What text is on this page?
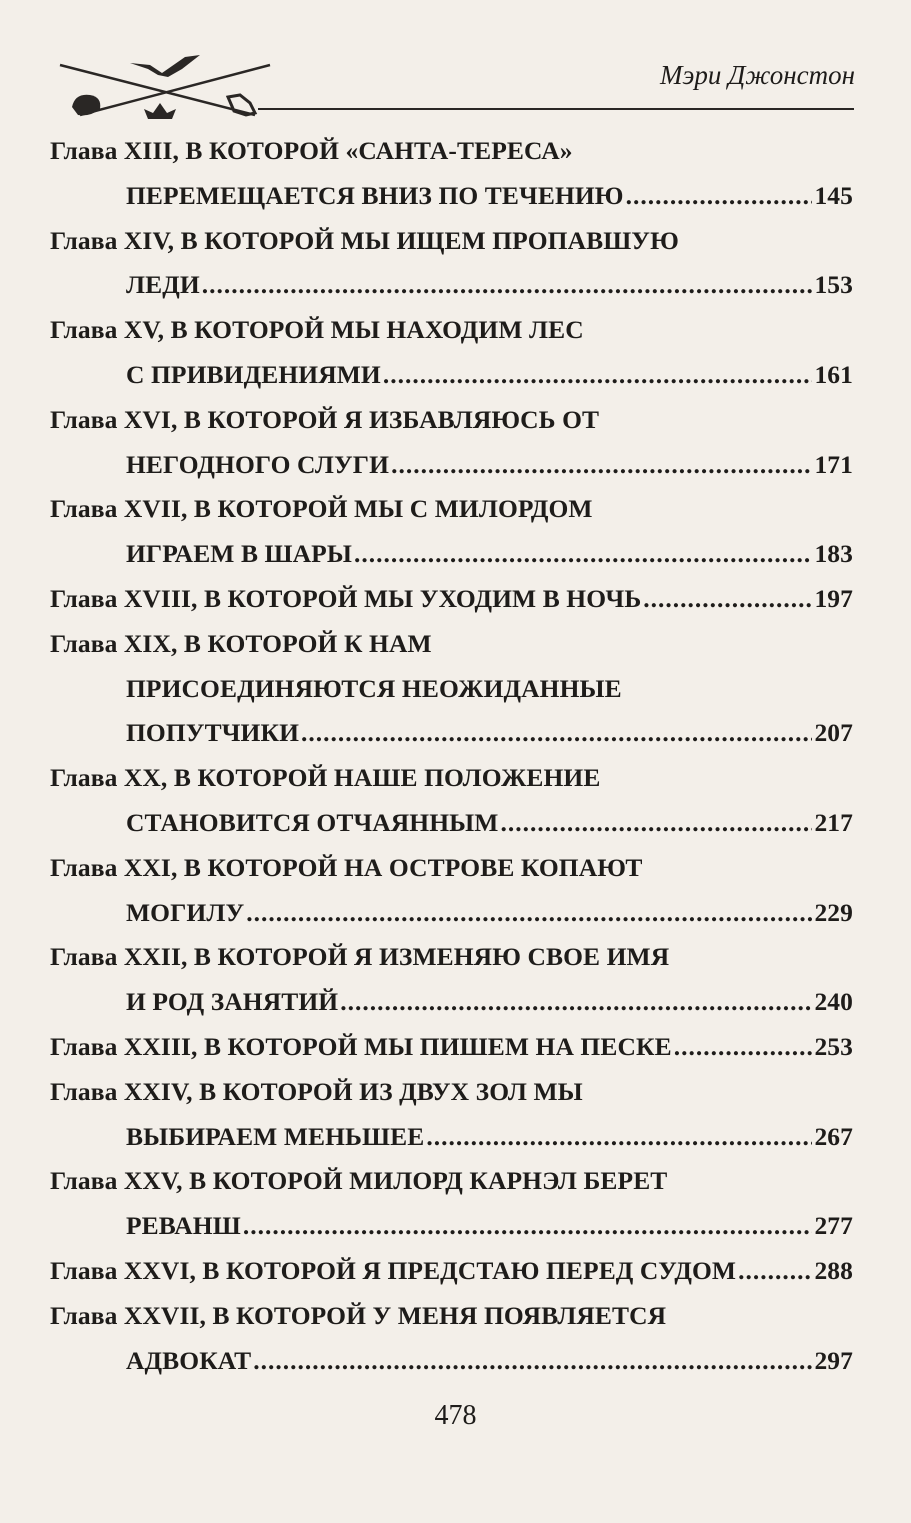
Мэри Джонстон
Глава XIII, В КОТОРОЙ «САНТА-ТЕРЕСА»
ПЕРЕМЕЩАЕТСЯ ВНИЗ ПО ТЕЧЕНИЮ .....	145
Глава XIV, В КОТОРОЙ МЫ ИЩЕМ ПРОПАВШУЮ
ЛЕДИ .....	153
Глава XV, В КОТОРОЙ МЫ НАХОДИМ ЛЕС
С ПРИВИДЕНИЯМИ .....	161
Глава XVI, В КОТОРОЙ Я ИЗБАВЛЯЮСЬ ОТ
НЕГОДНОГО СЛУГИ .....	171
Глава XVII, В КОТОРОЙ МЫ С МИЛОРДОМ
ИГРАЕМ В ШАРЫ .....	183
Глава XVIII, В КОТОРОЙ МЫ УХОДИМ В НОЧЬ .....	197
Глава XIX, В КОТОРОЙ К НАМ
ПРИСОЕДИНЯЮТСЯ НЕОЖИДАННЫЕ
ПОПУТЧИКИ .....	207
Глава XX, В КОТОРОЙ НАШЕ ПОЛОЖЕНИЕ
СТАНОВИТСЯ ОТЧАЯННЫМ .....	217
Глава XXI, В КОТОРОЙ НА ОСТРОВЕ КОПАЮТ
МОГИЛУ .....	229
Глава XXII, В КОТОРОЙ Я ИЗМЕНЯЮ СВОЕ ИМЯ
И РОД ЗАНЯТИЙ .....	240
Глава XXIII, В КОТОРОЙ МЫ ПИШЕМ НА ПЕСКЕ .....	253
Глава XXIV, В КОТОРОЙ ИЗ ДВУХ ЗОЛ МЫ
ВЫБИРАЕМ МЕНЬШЕЕ .....	267
Глава XXV, В КОТОРОЙ МИЛОРД КАРНЭЛ БЕРЕТ
РЕВАНШ .....	277
Глава XXVI, В КОТОРОЙ Я ПРЕДСТАЮ ПЕРЕД СУДОМ .....	288
Глава XXVII, В КОТОРОЙ У МЕНЯ ПОЯВЛЯЕТСЯ
АДВОКАТ .....	297
478
